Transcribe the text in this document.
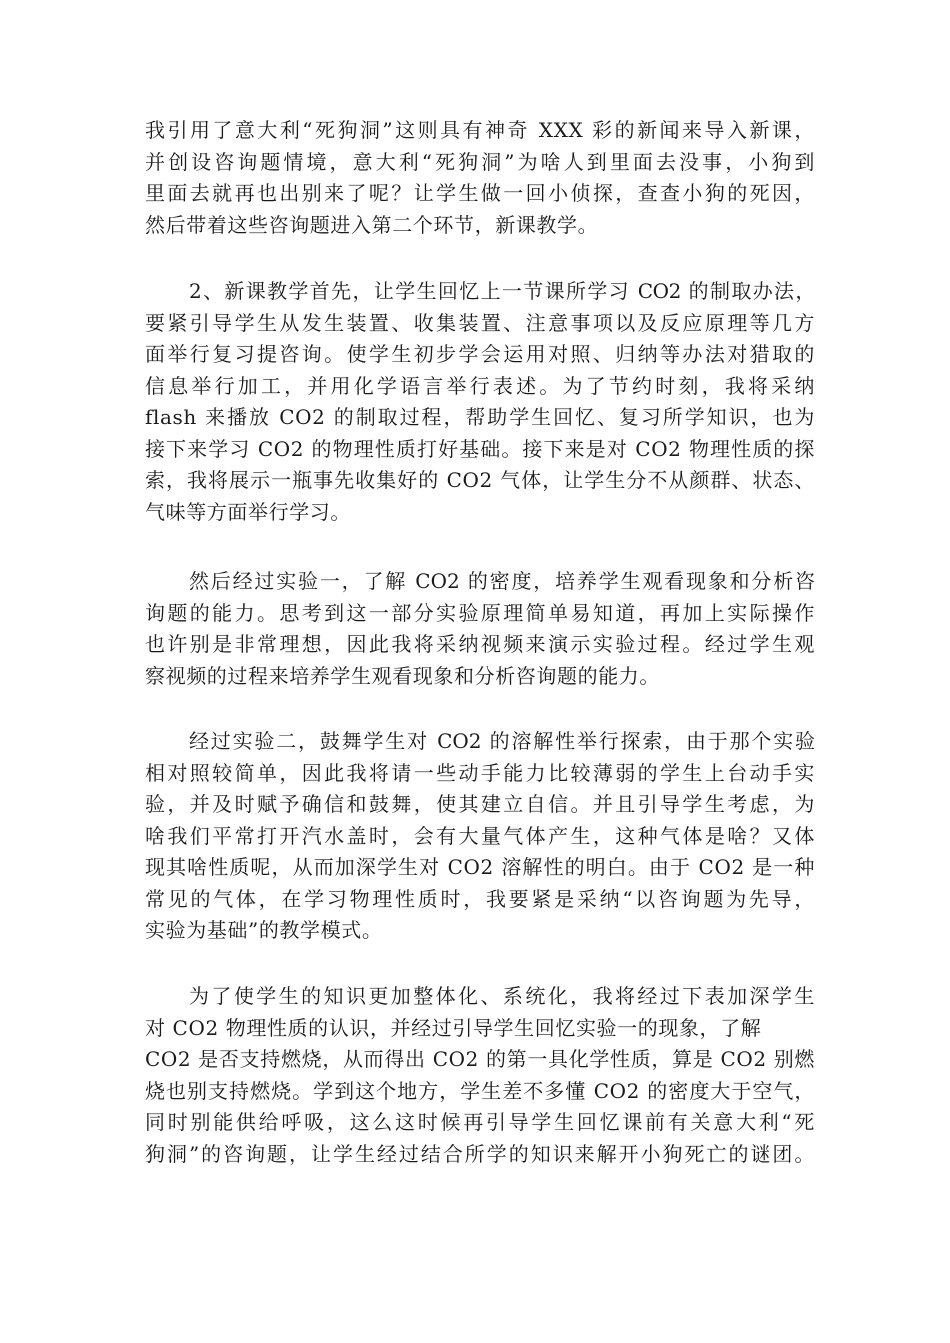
我引用了意大利“死狗洞”这则具有神奇 XXX 彩的新闻来导入新课，
并创设咨询题情境，意大利“死狗洞”为啥人到里面去没事，小狗到
里面去就再也出别来了呢？让学生做一回小侦探，查查小狗的死因，
然后带着这些咨询题进入第二个环节，新课教学。
2、新课教学首先，让学生回忆上一节课所学习 CO2 的制取办法，
要紧引导学生从发生装置、收集装置、注意事项以及反应原理等几方
面举行复习提咨询。使学生初步学会运用对照、归纳等办法对猎取的
信息举行加工，并用化学语言举行表述。为了节约时刻，我将采纳
flash 来播放 CO2 的制取过程，帮助学生回忆、复习所学知识，也为
接下来学习 CO2 的物理性质打好基础。接下来是对 CO2 物理性质的探
索，我将展示一瓶事先收集好的 CO2 气体，让学生分不从颜群、状态、
气味等方面举行学习。
然后经过实验一，了解 CO2 的密度，培养学生观看现象和分析咨
询题的能力。思考到这一部分实验原理简单易知道，再加上实际操作
也许别是非常理想，因此我将采纳视频来演示实验过程。经过学生观
察视频的过程来培养学生观看现象和分析咨询题的能力。
经过实验二，鼓舞学生对 CO2 的溶解性举行探索，由于那个实验
相对照较简单，因此我将请一些动手能力比较薄弱的学生上台动手实
验，并及时赋予确信和鼓舞，使其建立自信。并且引导学生考虑，为
啥我们平常打开汽水盖时，会有大量气体产生，这种气体是啥？又体
现其啥性质呢，从而加深学生对 CO2 溶解性的明白。由于 CO2 是一种
常见的气体，在学习物理性质时，我要紧是采纳“以咨询题为先导，
实验为基础”的教学模式。
为了使学生的知识更加整体化、系统化，我将经过下表加深学生
对 CO2 物理性质的认识，并经过引导学生回忆实验一的现象，了解
CO2 是否支持燃烧，从而得出 CO2 的第一具化学性质，算是 CO2 别燃
烧也别支持燃烧。学到这个地方，学生差不多懂 CO2 的密度大于空气，
同时别能供给呼吸，这么这时候再引导学生回忆课前有关意大利“死
狗洞”的咨询题，让学生经过结合所学的知识来解开小狗死亡的谜团。
